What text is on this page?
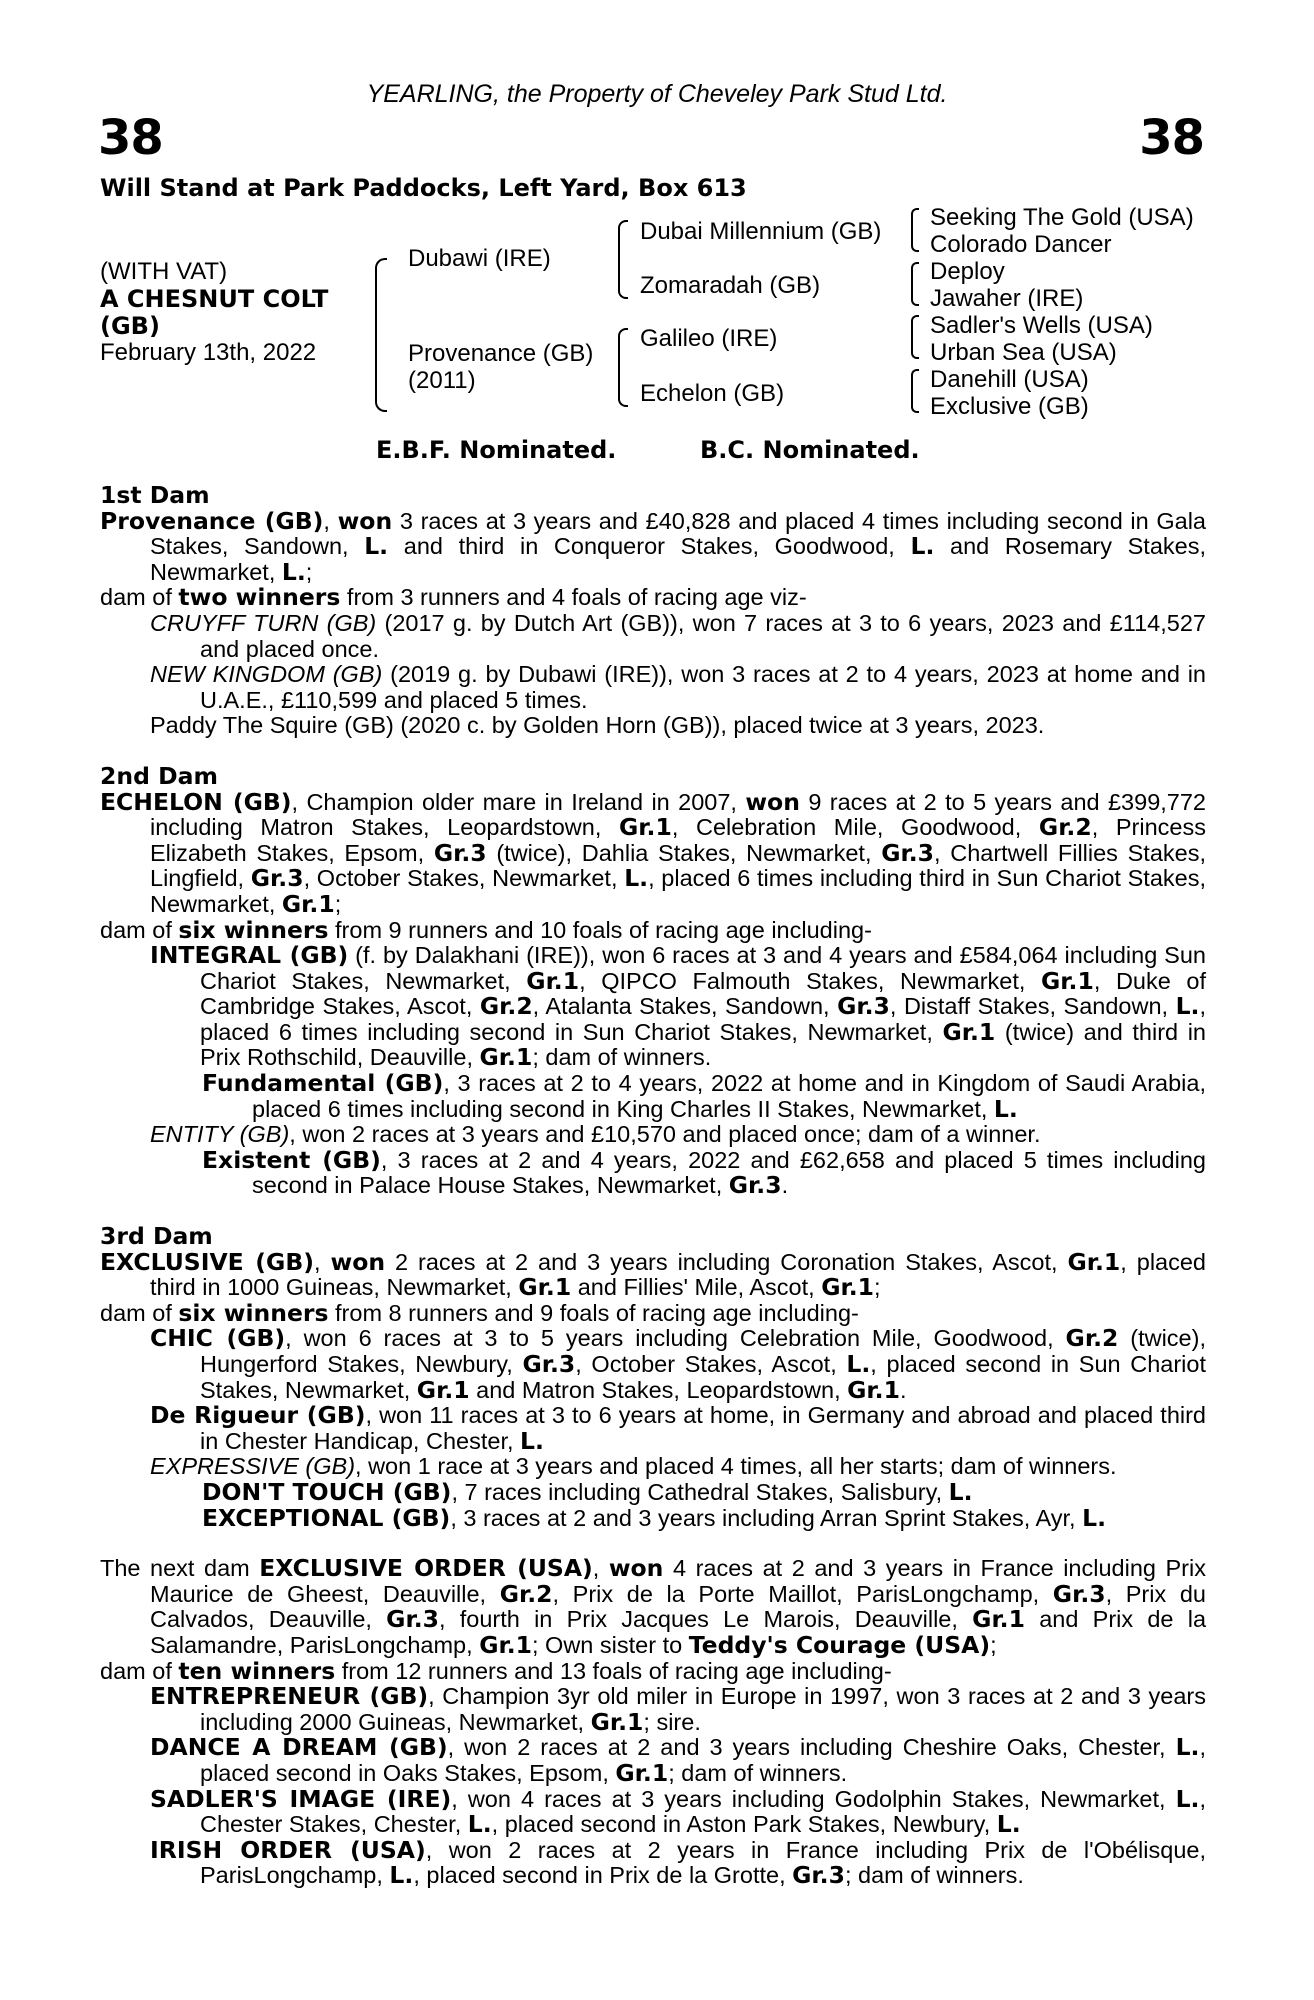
YEARLING, the Property of Cheveley Park Stud Ltd.
38	38
Will Stand at Park Paddocks, Left Yard, Box 613
(WITH VAT)
A CHESNUT COLT
(GB)
February 13th, 2022
Dubawi (IRE)
Provenance (GB)
(2011)
Dubai Millennium (GB)
Zomaradah (GB)
Galileo (IRE)
Echelon (GB)
Seeking The Gold (USA)
Colorado Dancer
Deploy
Jawaher (IRE)
Sadler's Wells (USA)
Urban Sea (USA)
Danehill (USA)
Exclusive (GB)
E.B.F. Nominated.	B.C. Nominated.
1st Dam

Provenance (GB), won 3 races at 3 years and £40,828 and placed 4 times including second in Gala Stakes, Sandown, L. and third in Conqueror Stakes, Goodwood, L. and Rosemary Stakes, Newmarket, L.;

dam of two winners from 3 runners and 4 foals of racing age viz-

CRUYFF TURN (GB) (2017 g. by Dutch Art (GB)), won 7 races at 3 to 6 years, 2023 and £114,527 and placed once.

NEW KINGDOM (GB) (2019 g. by Dubawi (IRE)), won 3 races at 2 to 4 years, 2023 at home and in U.A.E., £110,599 and placed 5 times.

Paddy The Squire (GB) (2020 c. by Golden Horn (GB)), placed twice at 3 years, 2023.

2nd Dam

ECHELON (GB), Champion older mare in Ireland in 2007, won 9 races at 2 to 5 years and £399,772 including Matron Stakes, Leopardstown, Gr.1, Celebration Mile, Goodwood, Gr.2, Princess Elizabeth Stakes, Epsom, Gr.3 (twice), Dahlia Stakes, Newmarket, Gr.3, Chartwell Fillies Stakes, Lingfield, Gr.3, October Stakes, Newmarket, L., placed 6 times including third in Sun Chariot Stakes, Newmarket, Gr.1;

dam of six winners from 9 runners and 10 foals of racing age including-

INTEGRAL (GB) (f. by Dalakhani (IRE)), won 6 races at 3 and 4 years and £584,064 including Sun Chariot Stakes, Newmarket, Gr.1, QIPCO Falmouth Stakes, Newmarket, Gr.1, Duke of Cambridge Stakes, Ascot, Gr.2, Atalanta Stakes, Sandown, Gr.3, Distaff Stakes, Sandown, L., placed 6 times including second in Sun Chariot Stakes, Newmarket, Gr.1 (twice) and third in Prix Rothschild, Deauville, Gr.1; dam of winners.

Fundamental (GB), 3 races at 2 to 4 years, 2022 at home and in Kingdom of Saudi Arabia, placed 6 times including second in King Charles II Stakes, Newmarket, L.

ENTITY (GB), won 2 races at 3 years and £10,570 and placed once; dam of a winner.

Existent (GB), 3 races at 2 and 4 years, 2022 and £62,658 and placed 5 times including second in Palace House Stakes, Newmarket, Gr.3.

3rd Dam

EXCLUSIVE (GB), won 2 races at 2 and 3 years including Coronation Stakes, Ascot, Gr.1, placed third in 1000 Guineas, Newmarket, Gr.1 and Fillies' Mile, Ascot, Gr.1;

dam of six winners from 8 runners and 9 foals of racing age including-

CHIC (GB), won 6 races at 3 to 5 years including Celebration Mile, Goodwood, Gr.2 (twice), Hungerford Stakes, Newbury, Gr.3, October Stakes, Ascot, L., placed second in Sun Chariot Stakes, Newmarket, Gr.1 and Matron Stakes, Leopardstown, Gr.1.

De Rigueur (GB), won 11 races at 3 to 6 years at home, in Germany and abroad and placed third in Chester Handicap, Chester, L.

EXPRESSIVE (GB), won 1 race at 3 years and placed 4 times, all her starts; dam of winners.

DON'T TOUCH (GB), 7 races including Cathedral Stakes, Salisbury, L.

EXCEPTIONAL (GB), 3 races at 2 and 3 years including Arran Sprint Stakes, Ayr, L.

The next dam EXCLUSIVE ORDER (USA), won 4 races at 2 and 3 years in France including Prix Maurice de Gheest, Deauville, Gr.2, Prix de la Porte Maillot, ParisLongchamp, Gr.3, Prix du Calvados, Deauville, Gr.3, fourth in Prix Jacques Le Marois, Deauville, Gr.1 and Prix de la Salamandre, ParisLongchamp, Gr.1; Own sister to Teddy's Courage (USA);

dam of ten winners from 12 runners and 13 foals of racing age including-

ENTREPRENEUR (GB), Champion 3yr old miler in Europe in 1997, won 3 races at 2 and 3 years including 2000 Guineas, Newmarket, Gr.1; sire.

DANCE A DREAM (GB), won 2 races at 2 and 3 years including Cheshire Oaks, Chester, L., placed second in Oaks Stakes, Epsom, Gr.1; dam of winners.

SADLER'S IMAGE (IRE), won 4 races at 3 years including Godolphin Stakes, Newmarket, L., Chester Stakes, Chester, L., placed second in Aston Park Stakes, Newbury, L.

IRISH ORDER (USA), won 2 races at 2 years in France including Prix de l'Obélisque, ParisLongchamp, L., placed second in Prix de la Grotte, Gr.3; dam of winners.
